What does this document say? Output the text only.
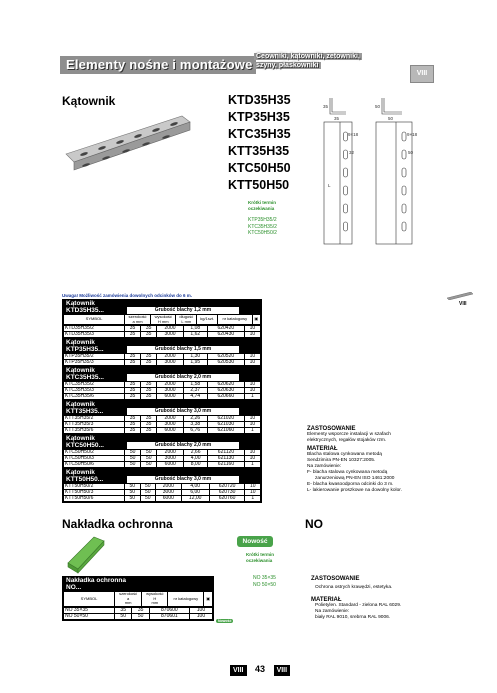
Elementy nośne i montażowe
Ceowniki, kątowniki, zetowniki,
szyny, płaskowniki
VIII
Kątownik	KTD35H35
KTP35H35
KTC35H35
KTT35H35
KTC50H50
KTT50H50
Krótki termin
oczekiwania
KTP35H35/2
KTC35H35/2
KTC50H50/2
35
35
50
50
9×18	9×18
32	50
L
VIII
Uwaga! Możliwość zamówienia dowolnych odcinków do 6 m.
Kątownik
KTD35H35...	Grubość blachy 1,2 mm
SYMBOL	szerokość
a mm	wysokość
H mm	długość
L mm	kg/1szt.	nr katalogowy	▣
KTD35H35/2	35	35	2000	1,08	620420	10
KTD35H35/3	35	35	3000	1,62	620430	10
Kątownik
KTP35H35...	Grubość blachy 1,5 mm
KTP35H35/2	35	35	2000	1,30	620520	10
KTP35H35/3	35	35	3000	1,95	620530	10
Kątownik
KTC35H35...	Grubość blachy 2,0 mm
KTC35H35/2	35	35	2000	1,58	620620	10
KTC35H35/3	35	35	3000	2,37	620630	10
KTC35H35/6	35	35	6000	4,74	620660	1
Kątownik
KTT35H35...	Grubość blachy 3,0 mm
KTT35H35/2	35	35	2000	2,26	621020	10
KTT35H35/3	35	35	3000	3,38	621030	10
KTT35H35/6	35	35	6000	6,76	621060	1
Kątownik
KTC50H50...	Grubość blachy 2,0 mm
KTC50H50/2	50	50	2000	2,66	621120	10
KTC50H50/3	50	50	3000	4,00	621130	10
KTC50H50/6	50	50	6000	8,00	621160	1
Kątownik
KTT50H50...	Grubość blachy 3,0 mm
KTT50H50/2	50	50	2000	4,00	620720	10
KTT50H50/3	50	50	3000	6,00	620730	10
KTT50H50/6	50	50	6000	12,00	620760	1
ZASTOSOWANIE
Elementy wsporcze instalacji w szafach
elektrycznych, regałów stojaków rzm.
MATERIAŁ
Blacha stalowa cynkowana metodą
Sendzimira PN-EN 10327:2005.
Na zamówienie:
F- blacha stalowa cynkowana metodą
zanurzeniową PN-EN ISO 1461:2000
E- blacha kwasoodporna odcinki do 3 m.
L- lakierowanie proszkowe na dowolny kolor.
Nakładka ochronna	NO
Nowość
Krótki termin
oczekiwania
NO 35×35
NO 50×50
Nakładka ochronna
NO...
SYMBOL	szerokość
a
mm	wysokość
H
mm	nr katalogowy	▣
NO 35×35	35	35	870600	100
NO 50×50	50	50	870601	100
Nowość
ZASTOSOWANIE
Ochrona ostrych krawędzi, estetyka.
MATERIAŁ
Polietylen. Standard - zielona RAL 6029.
Na zamówienie:
biały RAL 9010, srebrna RAL 9006.
VIII 43 VIII
